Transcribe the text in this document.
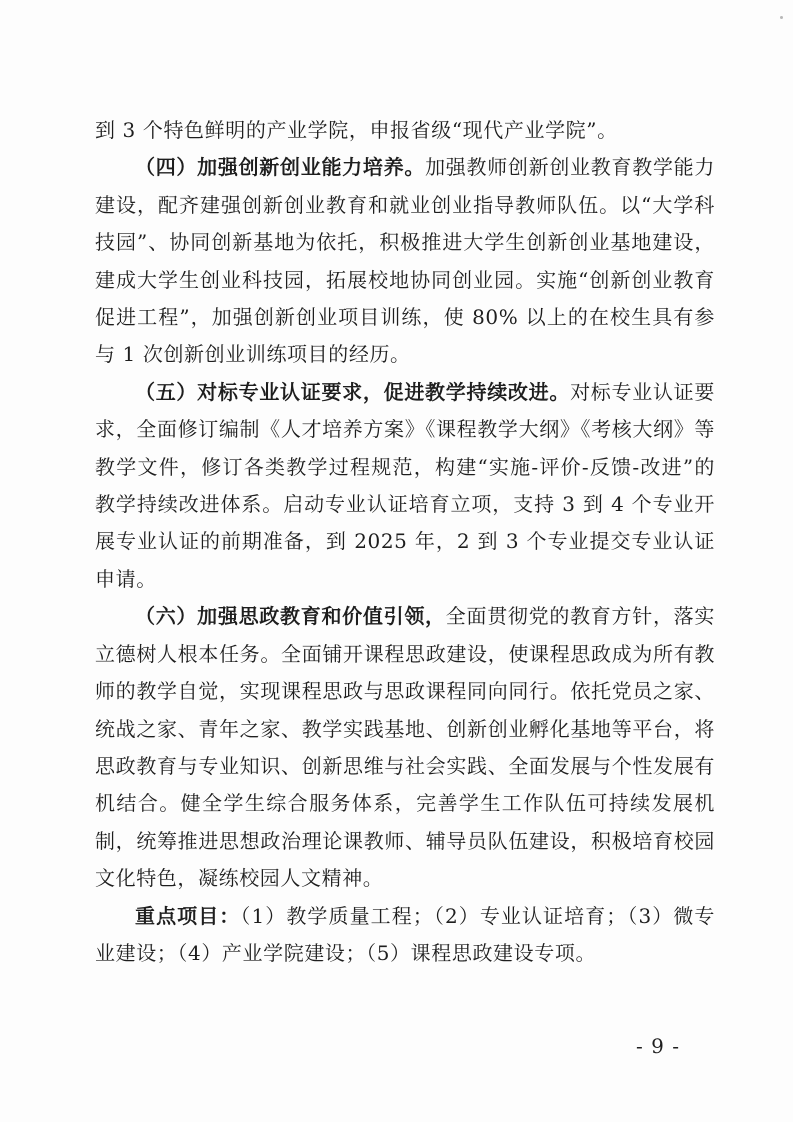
到 3 个特色鲜明的产业学院，申报省级“现代产业学院”。

（四）加强创新创业能力培养。加强教师创新创业教育教学能力建设，配齐建强创新创业教育和就业创业指导教师队伍。以“大学科技园”、协同创新基地为依托，积极推进大学生创新创业基地建设，建成大学生创业科技园，拓展校地协同创业园。实施“创新创业教育促进工程”，加强创新创业项目训练，使 80% 以上的在校生具有参与 1 次创新创业训练项目的经历。

（五）对标专业认证要求，促进教学持续改进。对标专业认证要求，全面修订编制《人才培养方案》《课程教学大纲》《考核大纲》等教学文件，修订各类教学过程规范，构建“实施-评价-反馈-改进”的教学持续改进体系。启动专业认证培育立项，支持 3 到 4 个专业开展专业认证的前期准备，到 2025 年，2 到 3 个专业提交专业认证申请。

（六）加强思政教育和价值引领，全面贯彻党的教育方针，落实立德树人根本任务。全面铺开课程思政建设，使课程思政成为所有教师的教学自觉，实现课程思政与思政课程同向同行。依托党员之家、统战之家、青年之家、教学实践基地、创新创业孵化基地等平台，将思政教育与专业知识、创新思维与社会实践、全面发展与个性发展有机结合。健全学生综合服务体系，完善学生工作队伍可持续发展机制，统筹推进思想政治理论课教师、辅导员队伍建设，积极培育校园文化特色，凝练校园人文精神。

重点项目：（1）教学质量工程；（2）专业认证培育；（3）微专业建设；（4）产业学院建设；（5）课程思政建设专项。

- 9 -
